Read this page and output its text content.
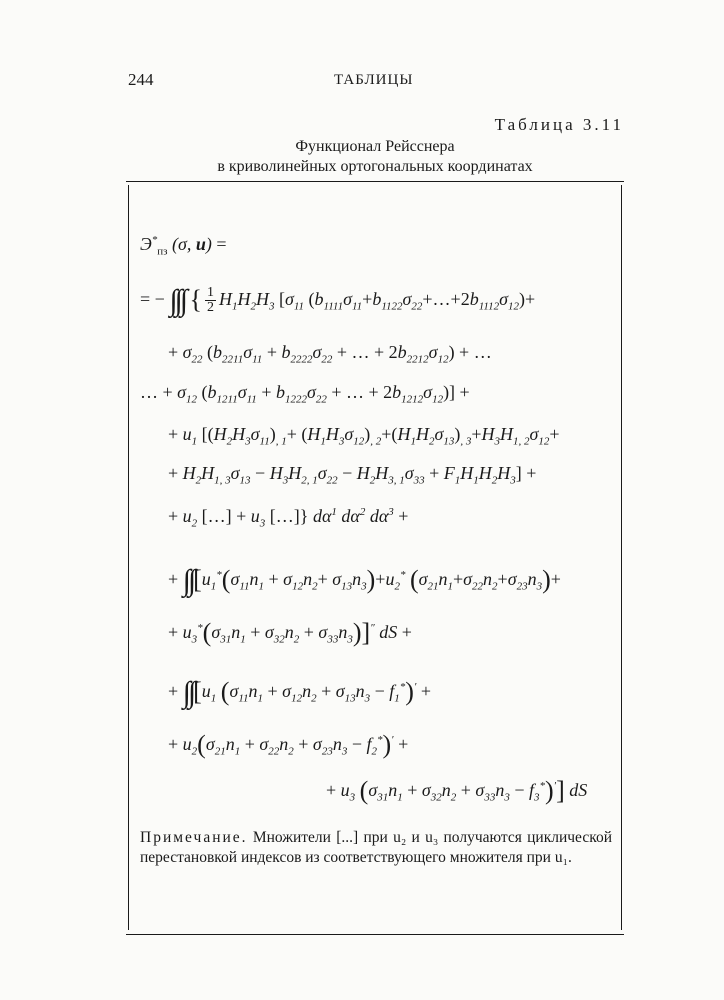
244	ТАБЛИЦЫ
Таблица 3.11
Функционал Рейсснера
в криволинейных ортогональных координатах
$Э^*_{пз}$ (σ, u) =
= − ∫∫∫ { $\frac{1}{2} H_1H_2H_3$ [$\sigma_{11}$ $(b_{1111}\sigma_{11}+b_{1122}\sigma_{22}+\dots+2b_{1112}\sigma_{12})+$
+ $\sigma_{22}$ ($b_{2211}\sigma_{11} + b_{2222}\sigma_{22}$ + … + $2b_{2212}\sigma_{12}$) + …
… + $\sigma_{12}$ ($b_{1211}\sigma_{11} + b_{1222}\sigma_{22}$ + … + $2b_{1212}\sigma_{12}$)] +
+ $u_1$ [$(H_2H_3\sigma_{11})_{, 1}+ (H_1H_3\sigma_{12})_{, 2}+(H_1H_2\sigma_{13})_{, 3}+H_3H_{1, 2}\sigma_{12}+$
+ $H_2H_{1, 3}\sigma_{13} - H_3H_{2, 1}\sigma_{22} - H_2H_{3, 1}\sigma_{33} + F_1H_1H_2H_3$] +
+ $u_2$ […] + $u_3$ […]} $d\alpha^1$ $d\alpha^2$ $d\alpha^3$ +
+ $\int\int[u_1^*(\sigma_{11}n_1 + \sigma_{12}n_2+ \sigma_{13}n_3)+u_2^*$ $(\sigma_{21}n_1+\sigma_{22}n_2+\sigma_{23}n_3)+$
+ $u_3^*(\sigma_{31}n_1 + \sigma_{32}n_2 + \sigma_{33}n_3)]''$ dS +
+ $\int\int[u_1$ $(\sigma_{11}n_1 + \sigma_{12}n_2 + \sigma_{13}n_3 - f_1^*)'$ +
+ $u_2(\sigma_{21}n_1 + \sigma_{22}n_2 + \sigma_{23}n_3 - f_2^*)'$ +
+ $u_3$ $(\sigma_{31}n_1 + \sigma_{32}n_2 + \sigma_{33}n_3 - f_3^*)'$] dS
Примечание. Множители [...] при u₂ и u₃ получаются циклической перестановкой индексов из соответствующего множителя при u₁.
